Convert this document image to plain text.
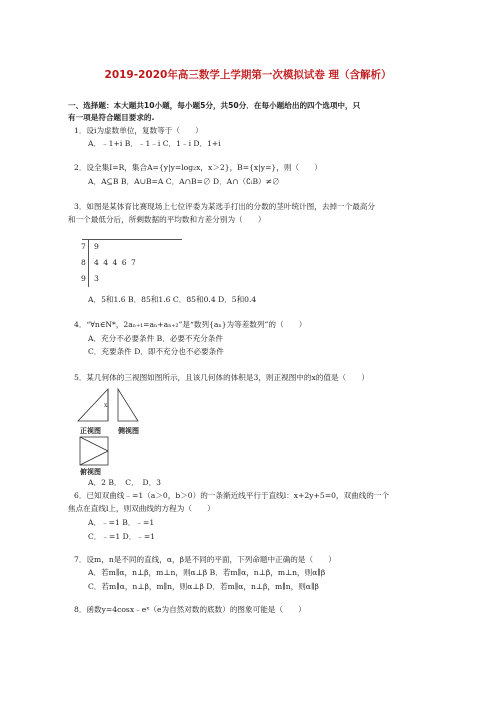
2019-2020年高三数学上学期第一次模拟试卷 理（含解析）
一、选择题：本大题共10小题，每小题5分，共50分．在每小题给出的四个选项中，只
有一项是符合题目要求的.
1．设i为虚数单位，复数等于（　　）
A．﹣1+i B．﹣1﹣i C．1﹣i D．1+i
2．设全集I=R，集合A={y|y=log₂x，x＞2}，B={x|y=}，则（　　）
A．A⊆B B．A∪B=A C．A∩B=∅ D．A∩（∁ᵢB）≠∅
3．如图是某体育比赛现场上七位评委为某选手打出的分数的茎叶统计图，去掉一个最高分
和一个最低分后，所剩数据的平均数和方差分别为（　　）
7
8
9
9
4 4 4 6 7
3
A．5和1.6 B．85和1.6 C．85和0.4 D．5和0.4
4．“∀n∈N*，2aₙ₊₁=aₙ+aₙ₊₂”是“数列{aₙ}为等差数列”的（　　）
A．充分不必要条件 B．必要不充分条件
C．充要条件 D．即不充分也不必要条件
5．某几何体的三视图如图所示，且该几何体的体积是3，则正视图中的x的值是（　　）
x
正视图 侧视图
俯视图
A．2 B．　C．　D．3
6．已知双曲线﹣=1（a＞0，b＞0）的一条渐近线平行于直线l：x+2y+5=0，双曲线的一个
焦点在直线l上，则双曲线的方程为（　　）
A．﹣=1 B．﹣=1
C．﹣=1 D．﹣=1
7．设m，n是不同的直线，α，β是不同的平面，下列命题中正确的是（　　）
A．若m∥α，n⊥β，m⊥n，则α⊥β B．若m∥α，n⊥β，m⊥n，则α∥β
C．若m∥α，n⊥β，m∥n，则α⊥β D．若m∥α，n⊥β，m∥n，则α∥β
8．函数y=4cosx﹣eˣ（e为自然对数的底数）的图象可能是（　　）
